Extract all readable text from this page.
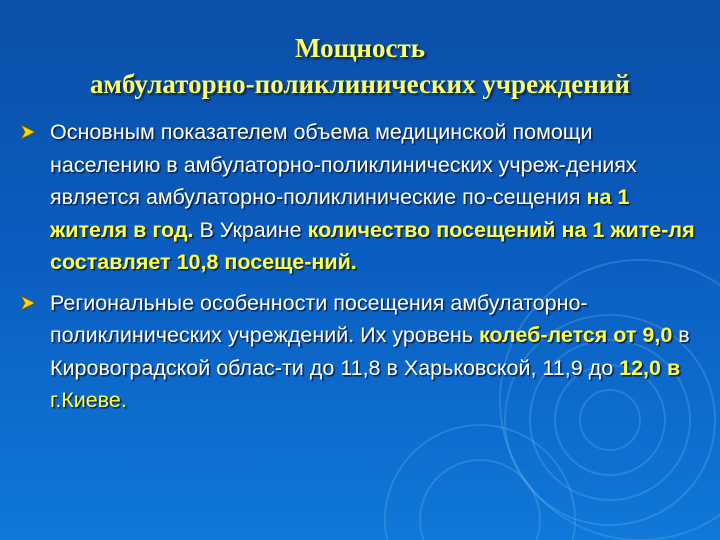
Мощность
амбулаторно-поликлинических учреждений
Основным показателем объема медицинской помощи населению в амбулаторно-поликлинических учреж-дениях является амбулаторно-поликлинические по-сещения на 1 жителя в год. В Украине количество посещений на 1 жите-ля составляет 10,8 посеще-ний.
Региональные особенности посещения амбулаторно-поликлинических учреждений. Их уровень колеб-лется от 9,0 в Кировоградской облас-ти до 11,8 в Харьковской, 11,9 до 12,0 в г.Киеве.
